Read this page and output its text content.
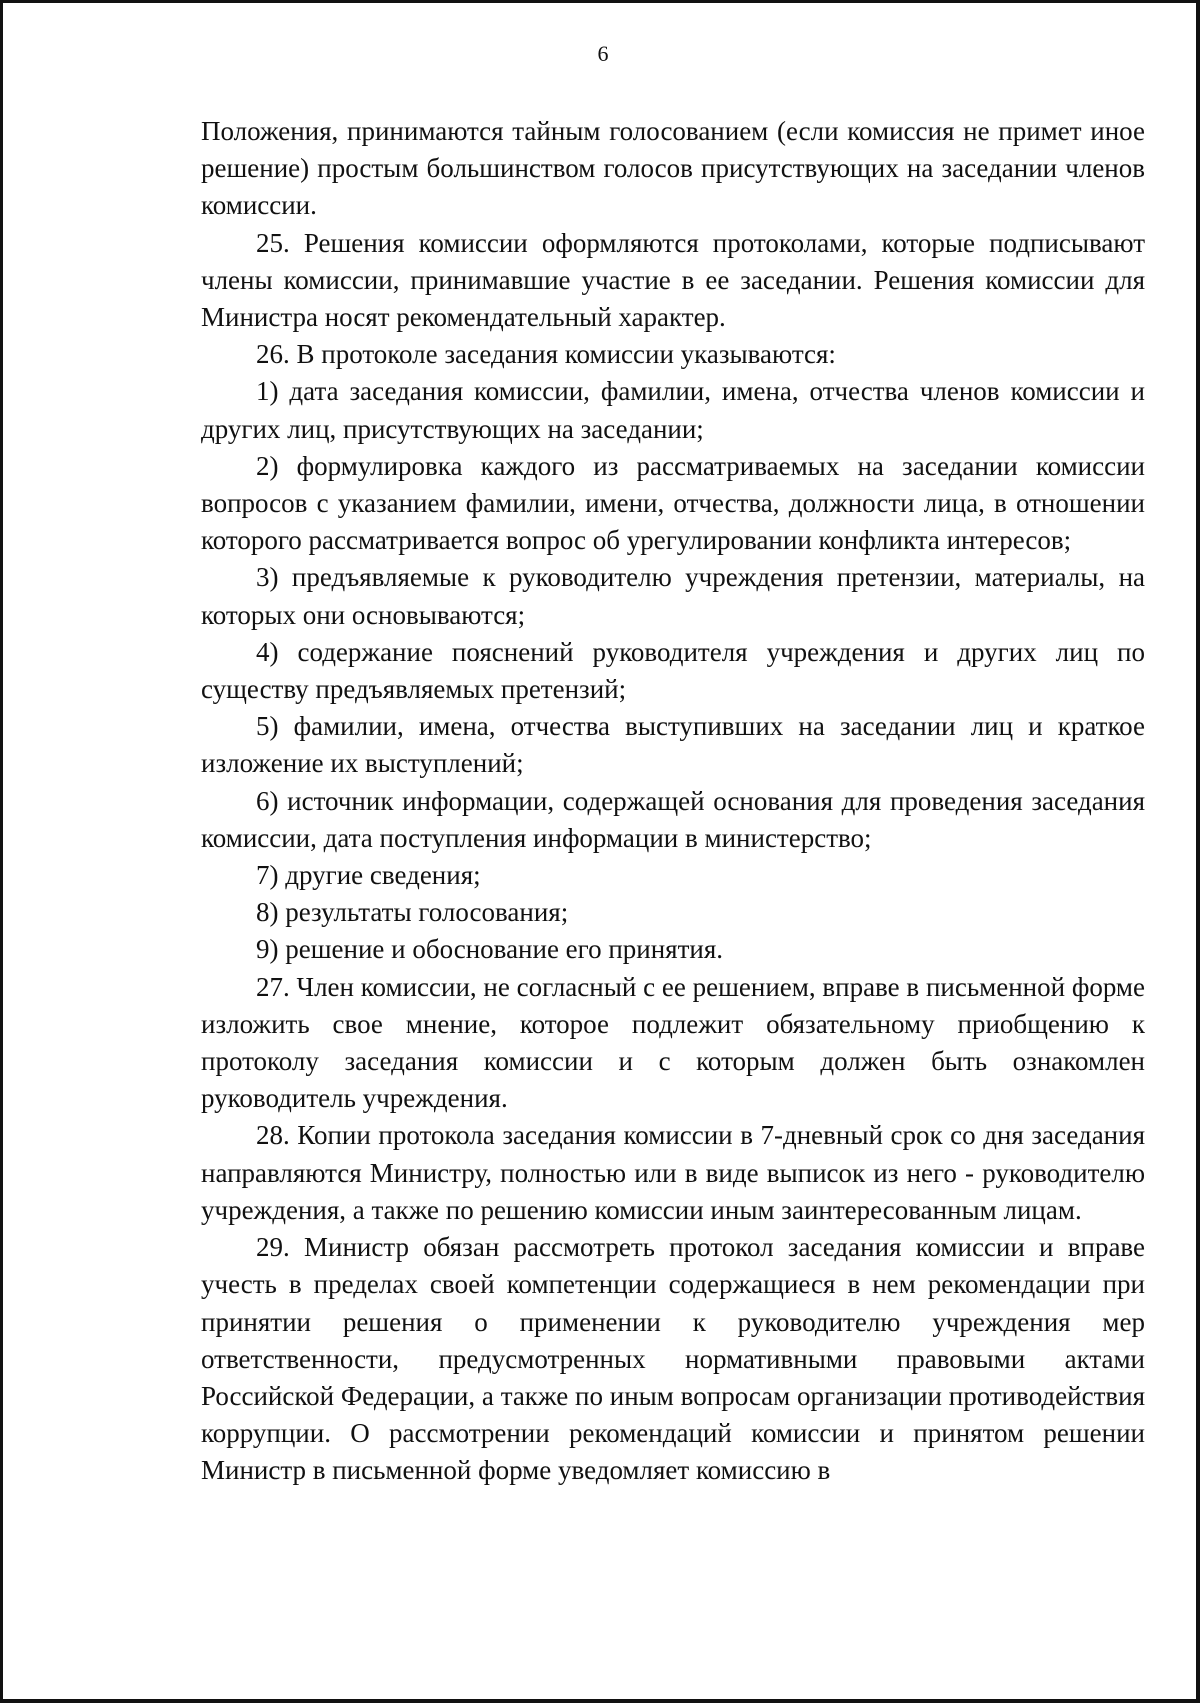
6

Положения, принимаются тайным голосованием (если комиссия не примет иное решение) простым большинством голосов присутствующих на заседании членов комиссии.

25. Решения комиссии оформляются протоколами, которые подписывают члены комиссии, принимавшие участие в ее заседании. Решения комиссии для Министра носят рекомендательный характер.

26. В протоколе заседания комиссии указываются:

1) дата заседания комиссии, фамилии, имена, отчества членов комиссии и других лиц, присутствующих на заседании;

2) формулировка каждого из рассматриваемых на заседании комиссии вопросов с указанием фамилии, имени, отчества, должности лица, в отношении которого рассматривается вопрос об урегулировании конфликта интересов;

3) предъявляемые к руководителю учреждения претензии, материалы, на которых они основываются;

4) содержание пояснений руководителя учреждения и других лиц по существу предъявляемых претензий;

5) фамилии, имена, отчества выступивших на заседании лиц и краткое изложение их выступлений;

6) источник информации, содержащей основания для проведения заседания комиссии, дата поступления информации в министерство;

7) другие сведения;

8) результаты голосования;

9) решение и обоснование его принятия.

27. Член комиссии, не согласный с ее решением, вправе в письменной форме изложить свое мнение, которое подлежит обязательному приобщению к протоколу заседания комиссии и с которым должен быть ознакомлен руководитель учреждения.

28. Копии протокола заседания комиссии в 7-дневный срок со дня заседания направляются Министру, полностью или в виде выписок из него - руководителю учреждения, а также по решению комиссии иным заинтересованным лицам.

29. Министр обязан рассмотреть протокол заседания комиссии и вправе учесть в пределах своей компетенции содержащиеся в нем рекомендации при принятии решения о применении к руководителю учреждения мер ответственности, предусмотренных нормативными правовыми актами Российской Федерации, а также по иным вопросам организации противодействия коррупции. О рассмотрении рекомендаций комиссии и принятом решении Министр в письменной форме уведомляет комиссию в
